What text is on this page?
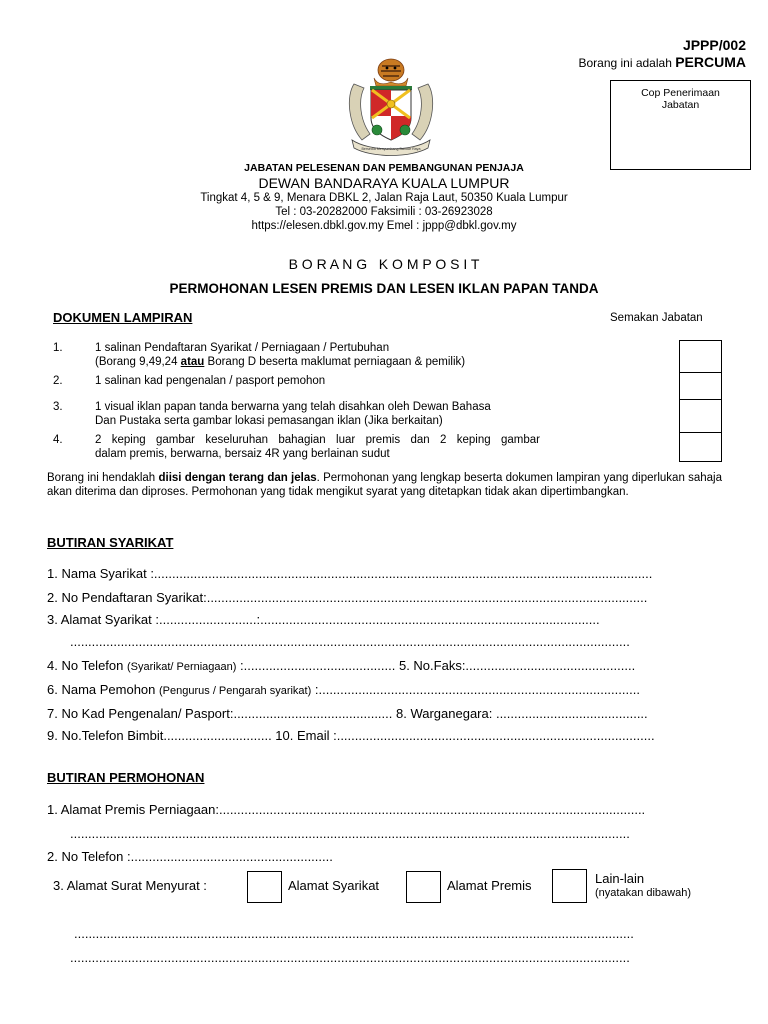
JPPP/002
Borang ini adalah PERCUMA
Cop Penerimaan
Jabatan
Bersedia Menyumbang Bandar Raya
JABATAN PELESENAN DAN PEMBANGUNAN PENJAJA
DEWAN BANDARAYA KUALA LUMPUR
Tingkat 4, 5 & 9, Menara DBKL 2, Jalan Raja Laut, 50350 Kuala Lumpur
Tel : 03-20282000 Faksimili : 03-26923028
https://elesen.dbkl.gov.my Emel : jppp@dbkl.gov.my
B O R A N G   K O M P O S I T
PERMOHONAN LESEN PREMIS DAN LESEN IKLAN PAPAN TANDA
DOKUMEN LAMPIRAN	Semakan Jabatan
1.	1 salinan Pendaftaran Syarikat / Perniagaan / Pertubuhan
(Borang 9,49,24 atau Borang D beserta maklumat perniagaan & pemilik)
2.	1 salinan kad pengenalan / pasport pemohon
3.	1 visual iklan papan tanda berwarna yang telah disahkan oleh Dewan Bahasa
Dan Pustaka serta gambar lokasi pemasangan iklan (Jika berkaitan)
4.	2 keping gambar keseluruhan bahagian luar premis dan 2 keping gambar
dalam premis, berwarna, bersaiz 4R yang berlainan sudut
Borang ini hendaklah diisi dengan terang dan jelas. Permohonan yang lengkap beserta dokumen lampiran yang diperlukan sahaja akan diterima dan diproses. Permohonan yang tidak mengikut syarat yang ditetapkan tidak akan dipertimbangkan.
BUTIRAN SYARIKAT
1. Nama Syarikat :..........................................................................................................................................
2. No Pendaftaran Syarikat:..........................................................................................................................
3. Alamat Syarikat :...........................:..............................................................................................
...........................................................................................................................................................
4. No Telefon (Syarikat/ Perniagaan) :.......................................... 5. No.Faks:...............................................
6. Nama Pemohon (Pengurus / Pengarah syarikat) :.........................................................................................
7. No Kad Pengenalan/ Pasport:............................................ 8. Warganegara: ..........................................
9. No.Telefon Bimbit.............................. 10. Email :........................................................................................
BUTIRAN PERMOHONAN
1. Alamat Premis Perniagaan:......................................................................................................................
...........................................................................................................................................................
2. No Telefon :........................................................
3. Alamat Surat Menyurat :	Alamat Syarikat	Alamat Premis	Lain-lain
(nyatakan dibawah)
...........................................................................................................................................................
...........................................................................................................................................................
